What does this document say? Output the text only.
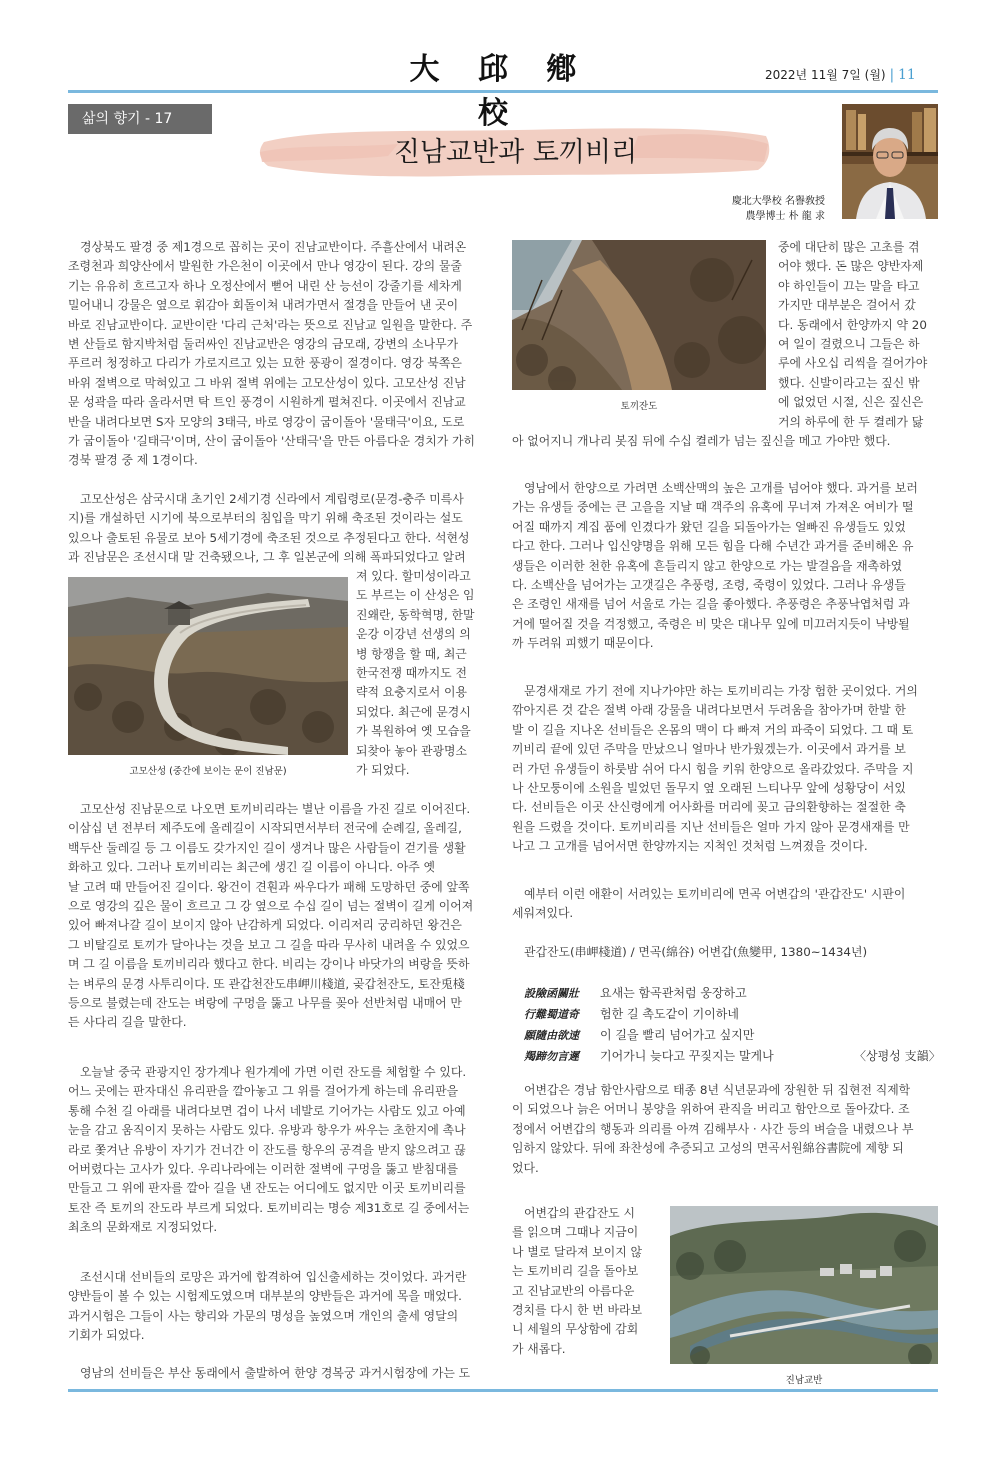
大 邱 鄕 校
2022년 11월 7일 (월) | 11
삶의 향기 - 17
진남교반과 토끼비리
慶北大學校 名譽敎授
農學博士 朴 龍 求
경상북도 팔경 중 제1경으로 꼽히는 곳이 진남교반이다. 주흘산에서 내려온
조령천과 희양산에서 발원한 가은천이 이곳에서 만나 영강이 된다. 강의 물줄
기는 유유히 흐르고자 하나 오정산에서 뻗어 내린 산 능선이 강줄기를 세차게
밀어내니 강물은 옆으로 휘감아 회돌이쳐 내려가면서 절경을 만들어 낸 곳이
바로 진남교반이다. 교반이란 '다리 근처'라는 뜻으로 진남교 일원을 말한다. 주
변 산들로 함지박처럼 둘러싸인 진남교반은 영강의 금모래, 강변의 소나무가
푸르러 청정하고 다리가 가로지르고 있는 묘한 풍광이 절경이다. 영강 북쪽은
바위 절벽으로 막혀있고 그 바위 절벽 위에는 고모산성이 있다. 고모산성 진남
문 성곽을 따라 올라서면 탁 트인 풍경이 시원하게 펼쳐진다. 이곳에서 진남교
반을 내려다보면 S자 모양의 3태극, 바로 영강이 굽이돌아 '물태극'이요, 도로
가 굽이돌아 '길태극'이며, 산이 굽이돌아 '산태극'을 만든 아름다운 경치가 가히
경북 팔경 중 제 1경이다.
고모산성은 삼국시대 초기인 2세기경 신라에서 계립령로(문경-충주 미륵사
지)를 개설하던 시기에 북으로부터의 침입을 막기 위해 축조된 것이라는 설도
있으나 출토된 유물로 보아 5세기경에 축조된 것으로 추정된다고 한다. 석현성
과 진남문은 조선시대 말 건축됐으나, 그 후 일본군에 의해 폭파되었다고 알려
져 있다. 할미성이라고
도 부르는 이 산성은 임
진왜란, 동학혁명, 한말
운강 이강년 선생의 의
병 항쟁을 할 때, 최근
한국전쟁 때까지도 전
략적 요충지로서 이용
되었다. 최근에 문경시
가 복원하여 옛 모습을
되찾아 놓아 관광명소
가 되었다.
고모산성 (중간에 보이는 문이 진남문)
고모산성 진남문으로 나오면 토끼비리라는 별난 이름을 가진 길로 이어진다.
이삼십 년 전부터 제주도에 올레길이 시작되면서부터 전국에 순례길, 올레길,
백두산 둘레길 등 그 이름도 갖가지인 길이 생겨나 많은 사람들이 걷기를 생활
화하고 있다. 그러나 토끼비리는 최근에 생긴 길 이름이 아니다. 아주 옛
날 고려 때 만들어진 길이다. 왕건이 견훤과 싸우다가 패해 도망하던 중에 앞쪽
으로 영강의 깊은 물이 흐르고 그 강 옆으로 수십 길이 넘는 절벽이 길게 이어져
있어 빠져나갈 길이 보이지 않아 난감하게 되었다. 이리저리 궁리하던 왕건은
그 비탈길로 토끼가 달아나는 것을 보고 그 길을 따라 무사히 내려올 수 있었으
며 그 길 이름을 토끼비리라 했다고 한다. 비리는 강이나 바닷가의 벼랑을 뜻하
는 벼루의 문경 사투리이다. 또 관갑천잔도串岬川棧道, 곶갑천잔도, 토잔兎棧
등으로 불렸는데 잔도는 벼랑에 구멍을 뚫고 나무를 꽂아 선반처럼 내매어 만
든 사다리 길을 말한다.
오늘날 중국 관광지인 장가계나 원가계에 가면 이런 잔도를 체험할 수 있다.
어느 곳에는 판자대신 유리판을 깔아놓고 그 위를 걸어가게 하는데 유리판을
통해 수천 길 아래를 내려다보면 겁이 나서 네발로 기어가는 사람도 있고 아예
눈을 감고 움직이지 못하는 사람도 있다. 유방과 항우가 싸우는 초한지에 촉나
라로 쫓겨난 유방이 자기가 건너간 이 잔도를 항우의 공격을 받지 않으려고 끊
어버렸다는 고사가 있다. 우리나라에는 이러한 절벽에 구멍을 뚫고 받침대를
만들고 그 위에 판자를 깔아 길을 낸 잔도는 어디에도 없지만 이곳 토끼비리를
토잔 즉 토끼의 잔도라 부르게 되었다. 토끼비리는 명승 제31호로 길 중에서는
최초의 문화재로 지정되었다.
조선시대 선비들의 로망은 과거에 합격하여 입신출세하는 것이었다. 과거란
양반들이 볼 수 있는 시험제도였으며 대부분의 양반들은 과거에 목을 매었다.
과거시험은 그들이 사는 향리와 가문의 명성을 높였으며 개인의 출세 영달의
기회가 되었다.
영남의 선비들은 부산 동래에서 출발하여 한양 경복궁 과거시험장에 가는 도
토끼잔도
중에 대단히 많은 고초를 겪
어야 했다. 돈 많은 양반자제
야 하인들이 끄는 말을 타고
가지만 대부분은 걸어서 갔
다. 동래에서 한양까지 약 20
여 일이 걸렸으니 그들은 하
루에 사오십 리씩을 걸어가야
했다. 신발이라고는 짚신 밖
에 없었던 시절, 신은 짚신은
거의 하루에 한 두 켤레가 닳
아 없어지니 개나리 봇짐 뒤에 수십 켤레가 넘는 짚신을 메고 가야만 했다.
영남에서 한양으로 가려면 소백산맥의 높은 고개를 넘어야 했다. 과거를 보러
가는 유생들 중에는 큰 고을을 지날 때 객주의 유혹에 무너져 가져온 여비가 떨
어질 때까지 계집 품에 인겼다가 왔던 길을 되돌아가는 얼빠진 유생들도 있었
다고 한다. 그러나 입신양명을 위해 모든 힘을 다해 수년간 과거를 준비해온 유
생들은 이러한 천한 유혹에 흔들리지 않고 한양으로 가는 발걸음을 재촉하였
다. 소백산을 넘어가는 고갯길은 추풍령, 조령, 죽령이 있었다. 그러나 유생들
은 조령인 새재를 넘어 서울로 가는 길을 좋아했다. 추풍령은 추풍낙엽처럼 과
거에 떨어질 것을 걱정했고, 죽령은 비 맞은 대나무 잎에 미끄러지듯이 낙방될
까 두려워 피했기 때문이다.
문경새재로 가기 전에 지나가야만 하는 토끼비리는 가장 험한 곳이었다. 거의
깎아지른 것 같은 절벽 아래 강물을 내려다보면서 두려움을 참아가며 한발 한
발 이 길을 지나온 선비들은 온몸의 맥이 다 빠져 거의 파죽이 되었다. 그 때 토
끼비리 끝에 있던 주막을 만났으니 얼마나 반가웠겠는가. 이곳에서 과거를 보
러 가던 유생들이 하룻밤 쉬어 다시 힘을 키워 한양으로 올라갔었다. 주막을 지
나 산모퉁이에 소원을 빌었던 돌무지 옆 오래된 느티나무 앞에 성황당이 서있
다. 선비들은 이곳 산신령에게 어사화를 머리에 꽂고 금의환향하는 절절한 축
원을 드렸을 것이다. 토끼비리를 지난 선비들은 얼마 가지 않아 문경새재를 만
나고 그 고개를 넘어서면 한양까지는 지척인 것처럼 느껴졌을 것이다.
예부터 이런 애환이 서려있는 토끼비리에 면곡 어변갑의 '관갑잔도' 시판이
세워져있다.
관갑잔도(串岬棧道) / 면곡(綿谷) 어변갑(魚變甲, 1380~1434년)
設險函關壯 요새는 함곡관처럼 웅장하고
行難蜀道奇 험한 길 촉도같이 기이하네
願隨由欲速 이 길을 빨리 넘어가고 싶지만
羯蹄勿言遲 기어가니 늦다고 꾸짖지는 말게나	〈상평성 支韻〉
어변갑은 경남 함안사람으로 태종 8년 식년문과에 장원한 뒤 집현전 직제학
이 되었으나 늙은 어머니 봉양을 위하여 관직을 버리고 함안으로 돌아갔다. 조
정에서 어변갑의 행동과 의리를 아껴 김해부사 · 사간 등의 벼슬을 내렸으나 부
임하지 않았다. 뒤에 좌찬성에 추증되고 고성의 면곡서원綿谷書院에 제향 되
었다.
어변갑의 관갑잔도 시
를 읽으며 그때나 지금이
나 별로 달라져 보이지 않
는 토끼비리 길을 돌아보
고 진남교반의 아름다운
경치를 다시 한 번 바라보
니 세월의 무상함에 감회
가 새롭다.
진남교반
